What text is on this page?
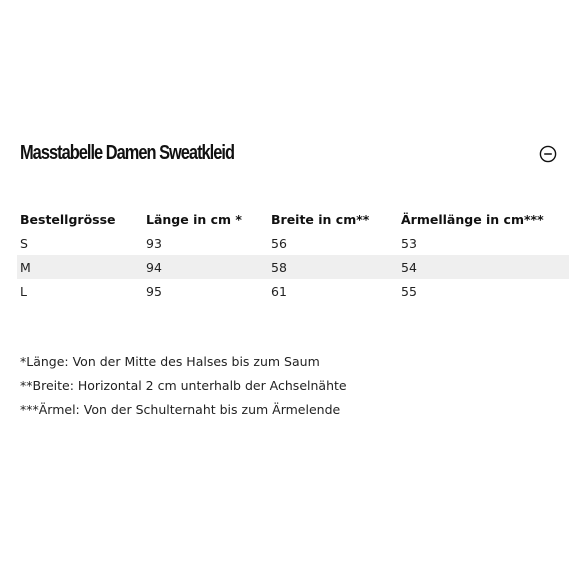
Masstabelle Damen Sweatkleid
Bestellgrösse	Länge in cm *	Breite in cm**	Ärmellänge in cm***
S	93	56	53
M	94	58	54
L	95	61	55
*Länge: Von der Mitte des Halses bis zum Saum
**Breite: Horizontal 2 cm unterhalb der Achselnähte
***Ärmel: Von der Schulternaht bis zum Ärmelende
